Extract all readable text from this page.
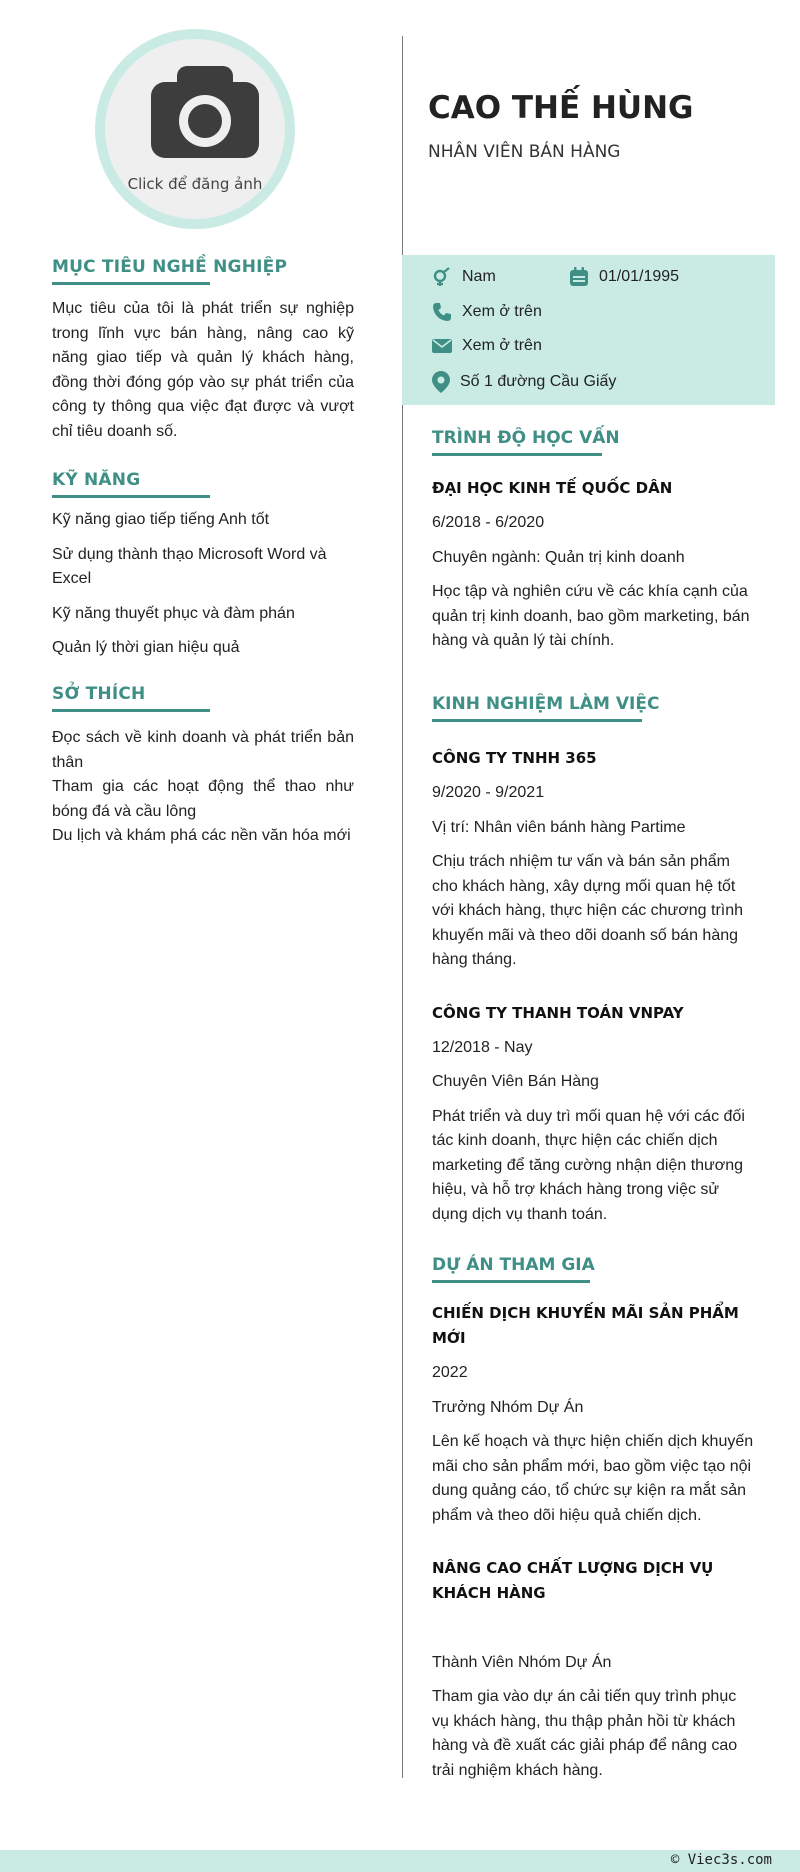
Click để đăng ảnh
MỤC TIÊU NGHỀ NGHIỆP
Mục tiêu của tôi là phát triển sự nghiệp trong lĩnh vực bán hàng, nâng cao kỹ năng giao tiếp và quản lý khách hàng, đồng thời đóng góp vào sự phát triển của công ty thông qua việc đạt được và vượt chỉ tiêu doanh số.
KỸ NĂNG
Kỹ năng giao tiếp tiếng Anh tốt
Sử dụng thành thạo Microsoft Word và Excel
Kỹ năng thuyết phục và đàm phán
Quản lý thời gian hiệu quả
SỞ THÍCH
Đọc sách về kinh doanh và phát triển bản thân
Tham gia các hoạt động thể thao như bóng đá và cầu lông
Du lịch và khám phá các nền văn hóa mới
CAO THẾ HÙNG
NHÂN VIÊN BÁN HÀNG
Nam	01/01/1995
Xem ở trên
Xem ở trên
Số 1 đường Cầu Giấy
TRÌNH ĐỘ HỌC VẤN
ĐẠI HỌC KINH TẾ QUỐC DÂN
6/2018 - 6/2020
Chuyên ngành: Quản trị kinh doanh
Học tập và nghiên cứu về các khía cạnh của quản trị kinh doanh, bao gồm marketing, bán hàng và quản lý tài chính.
KINH NGHIỆM LÀM VIỆC
CÔNG TY TNHH 365
9/2020 - 9/2021
Vị trí: Nhân viên bánh hàng Partime
Chịu trách nhiệm tư vấn và bán sản phẩm cho khách hàng, xây dựng mối quan hệ tốt với khách hàng, thực hiện các chương trình khuyến mãi và theo dõi doanh số bán hàng hàng tháng.
CÔNG TY THANH TOÁN VNPAY
12/2018 - Nay
Chuyên Viên Bán Hàng
Phát triển và duy trì mối quan hệ với các đối tác kinh doanh, thực hiện các chiến dịch marketing để tăng cường nhận diện thương hiệu, và hỗ trợ khách hàng trong việc sử dụng dịch vụ thanh toán.
DỰ ÁN THAM GIA
CHIẾN DỊCH KHUYẾN MÃI SẢN PHẨM MỚI
2022
Trưởng Nhóm Dự Án
Lên kế hoạch và thực hiện chiến dịch khuyến mãi cho sản phẩm mới, bao gồm việc tạo nội dung quảng cáo, tổ chức sự kiện ra mắt sản phẩm và theo dõi hiệu quả chiến dịch.
NÂNG CAO CHẤT LƯỢNG DỊCH VỤ KHÁCH HÀNG
Thành Viên Nhóm Dự Án
Tham gia vào dự án cải tiến quy trình phục vụ khách hàng, thu thập phản hồi từ khách hàng và đề xuất các giải pháp để nâng cao trải nghiệm khách hàng.
© Viec3s.com
